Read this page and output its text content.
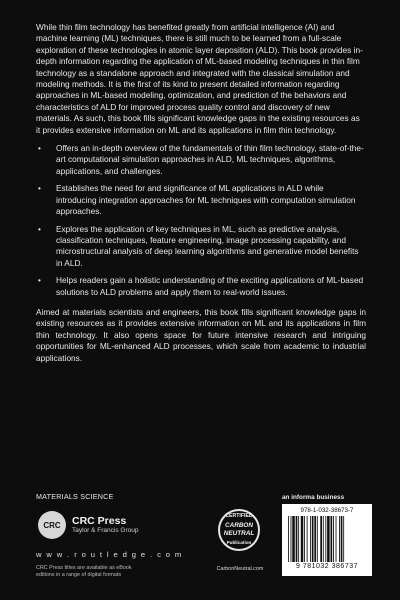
While thin film technology has benefited greatly from artificial intelligence (AI) and machine learning (ML) techniques, there is still much to be learned from a full-scale exploration of these technologies in atomic layer deposition (ALD). This book provides in-depth information regarding the application of ML-based modeling techniques in thin film technology as a standalone approach and integrated with the classical simulation and modeling methods. It is the first of its kind to present detailed information regarding approaches in ML-based modeling, optimization, and prediction of the behaviors and characteristics of ALD for improved process quality control and discovery of new materials. As such, this book fills significant knowledge gaps in the existing resources as it provides extensive information on ML and its applications in film thin technology.

• Offers an in-depth overview of the fundamentals of thin film technology, state-of-the-art computational simulation approaches in ALD, ML techniques, algorithms, applications, and challenges.
• Establishes the need for and significance of ML applications in ALD while introducing integration approaches for ML techniques with computation simulation approaches.
• Explores the application of key techniques in ML, such as predictive analysis, classification techniques, feature engineering, image processing capability, and microstructural analysis of deep learning algorithms and generative model benefits in ALD.
• Helps readers gain a holistic understanding of the exciting applications of ML-based solutions to ALD problems and apply them to real-world issues.

Aimed at materials scientists and engineers, this book fills significant knowledge gaps in existing resources as it provides extensive information on ML and its applications in film thin technology. It also opens space for future intensive research and intriguing opportunities for ML-enhanced ALD processes, which scale from academic to industrial applications.

MATERIALS SCIENCE
CRC	CRC Press
Taylor & Francis Group
w w w . r o u t l e d g e . c o m
CRC Press titles are available as eBook editions in a range of digital formats
CERTIFIED
CARBON
NEUTRAL
Publication
CarbonNeutral.com
an informa business
978-1-032-38673-7
9 781032 386737
